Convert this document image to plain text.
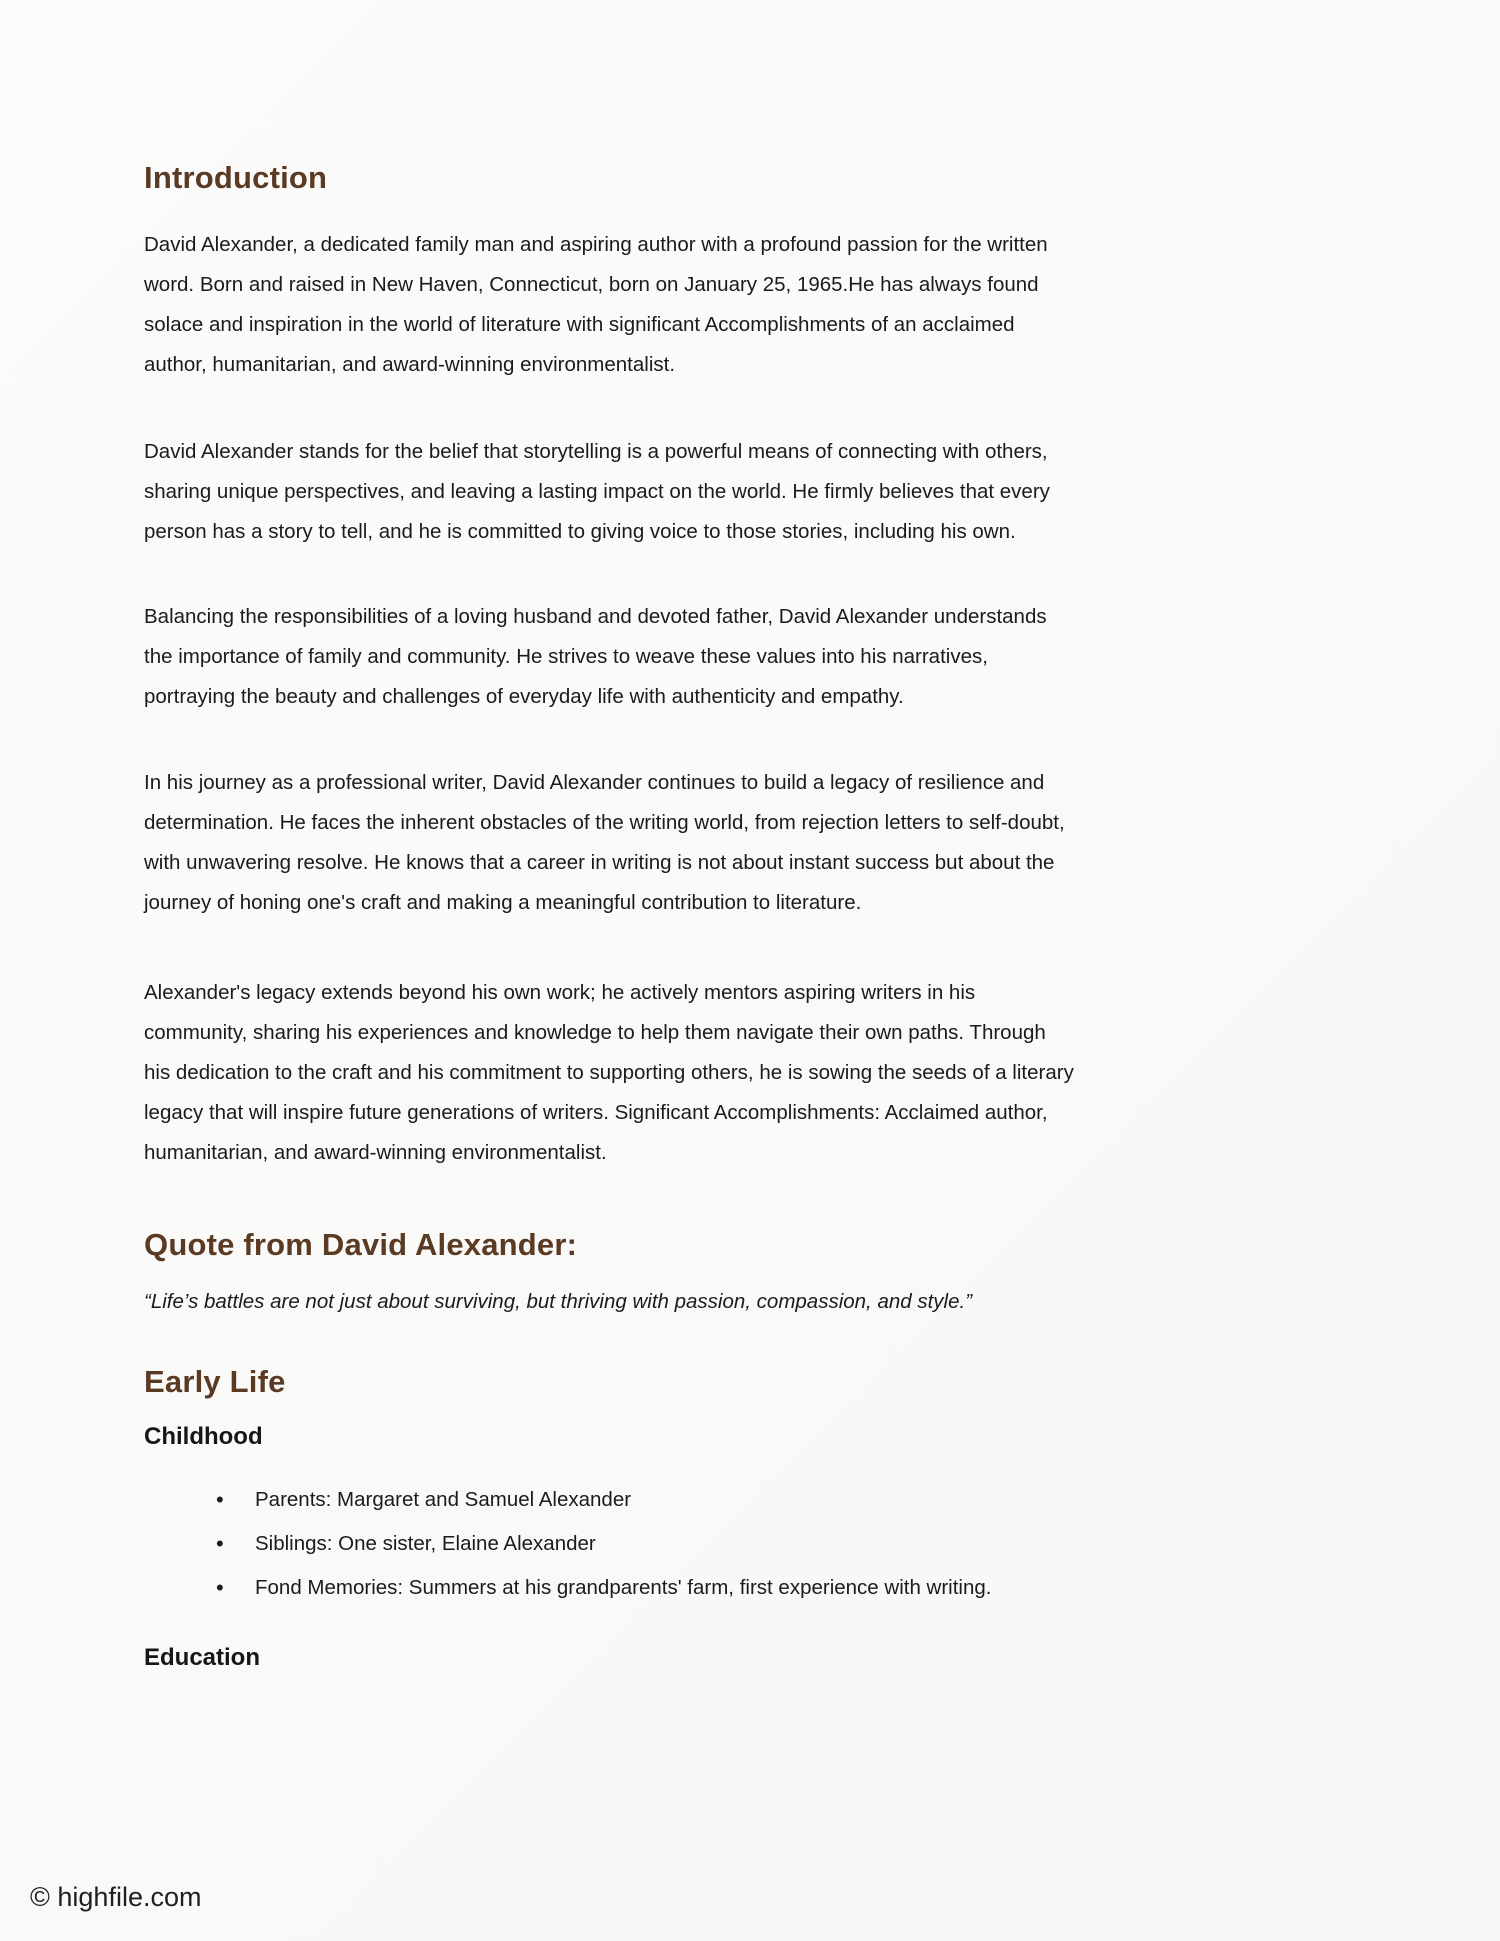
Introduction

David Alexander, a dedicated family man and aspiring author with a profound passion for the written word. Born and raised in New Haven, Connecticut, born on January 25, 1965.He has always found solace and inspiration in the world of literature with significant Accomplishments of an acclaimed author, humanitarian, and award-winning environmentalist.

David Alexander stands for the belief that storytelling is a powerful means of connecting with others, sharing unique perspectives, and leaving a lasting impact on the world. He firmly believes that every person has a story to tell, and he is committed to giving voice to those stories, including his own.

Balancing the responsibilities of a loving husband and devoted father, David Alexander understands the importance of family and community. He strives to weave these values into his narratives, portraying the beauty and challenges of everyday life with authenticity and empathy.

In his journey as a professional writer, David Alexander continues to build a legacy of resilience and determination. He faces the inherent obstacles of the writing world, from rejection letters to self-doubt, with unwavering resolve. He knows that a career in writing is not about instant success but about the journey of honing one's craft and making a meaningful contribution to literature.

Alexander's legacy extends beyond his own work; he actively mentors aspiring writers in his community, sharing his experiences and knowledge to help them navigate their own paths. Through his dedication to the craft and his commitment to supporting others, he is sowing the seeds of a literary legacy that will inspire future generations of writers. Significant Accomplishments: Acclaimed author, humanitarian, and award-winning environmentalist.

Quote from David Alexander:

“Life’s battles are not just about surviving, but thriving with passion, compassion, and style.”

Early Life
Childhood
• Parents: Margaret and Samuel Alexander
• Siblings: One sister, Elaine Alexander
• Fond Memories: Summers at his grandparents' farm, first experience with writing.
Education
© highfile.com
